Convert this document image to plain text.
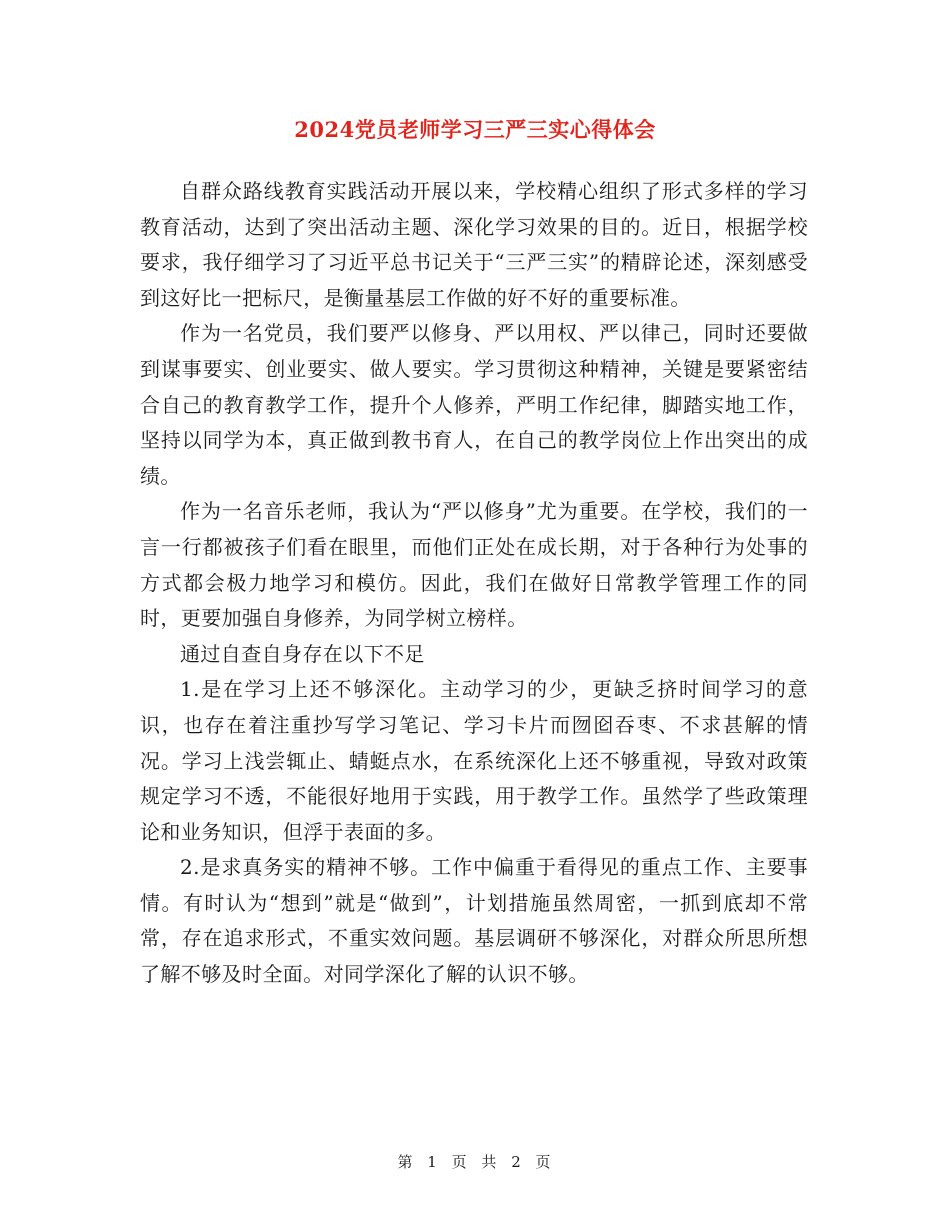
2024党员老师学习三严三实心得体会

自群众路线教育实践活动开展以来，学校精心组织了形式多样的学习教育活动，达到了突出活动主题、深化学习效果的目的。近日，根据学校要求，我仔细学习了习近平总书记关于“三严三实”的精辟论述，深刻感受到这好比一把标尺，是衡量基层工作做的好不好的重要标准。

作为一名党员，我们要严以修身、严以用权、严以律己，同时还要做到谋事要实、创业要实、做人要实。学习贯彻这种精神，关键是要紧密结合自己的教育教学工作，提升个人修养，严明工作纪律，脚踏实地工作，坚持以同学为本，真正做到教书育人，在自己的教学岗位上作出突出的成绩。

作为一名音乐老师，我认为“严以修身”尤为重要。在学校，我们的一言一行都被孩子们看在眼里，而他们正处在成长期，对于各种行为处事的方式都会极力地学习和模仿。因此，我们在做好日常教学管理工作的同时，更要加强自身修养，为同学树立榜样。

通过自查自身存在以下不足

1.是在学习上还不够深化。主动学习的少，更缺乏挤时间学习的意识，也存在着注重抄写学习笔记、学习卡片而囫囵吞枣、不求甚解的情况。学习上浅尝辄止、蜻蜓点水，在系统深化上还不够重视，导致对政策规定学习不透，不能很好地用于实践，用于教学工作。虽然学了些政策理论和业务知识，但浮于表面的多。

2.是求真务实的精神不够。工作中偏重于看得见的重点工作、主要事情。有时认为“想到”就是“做到”，计划措施虽然周密，一抓到底却不常常，存在追求形式，不重实效问题。基层调研不够深化，对群众所思所想了解不够及时全面。对同学深化了解的认识不够。

第 1 页 共 2 页
